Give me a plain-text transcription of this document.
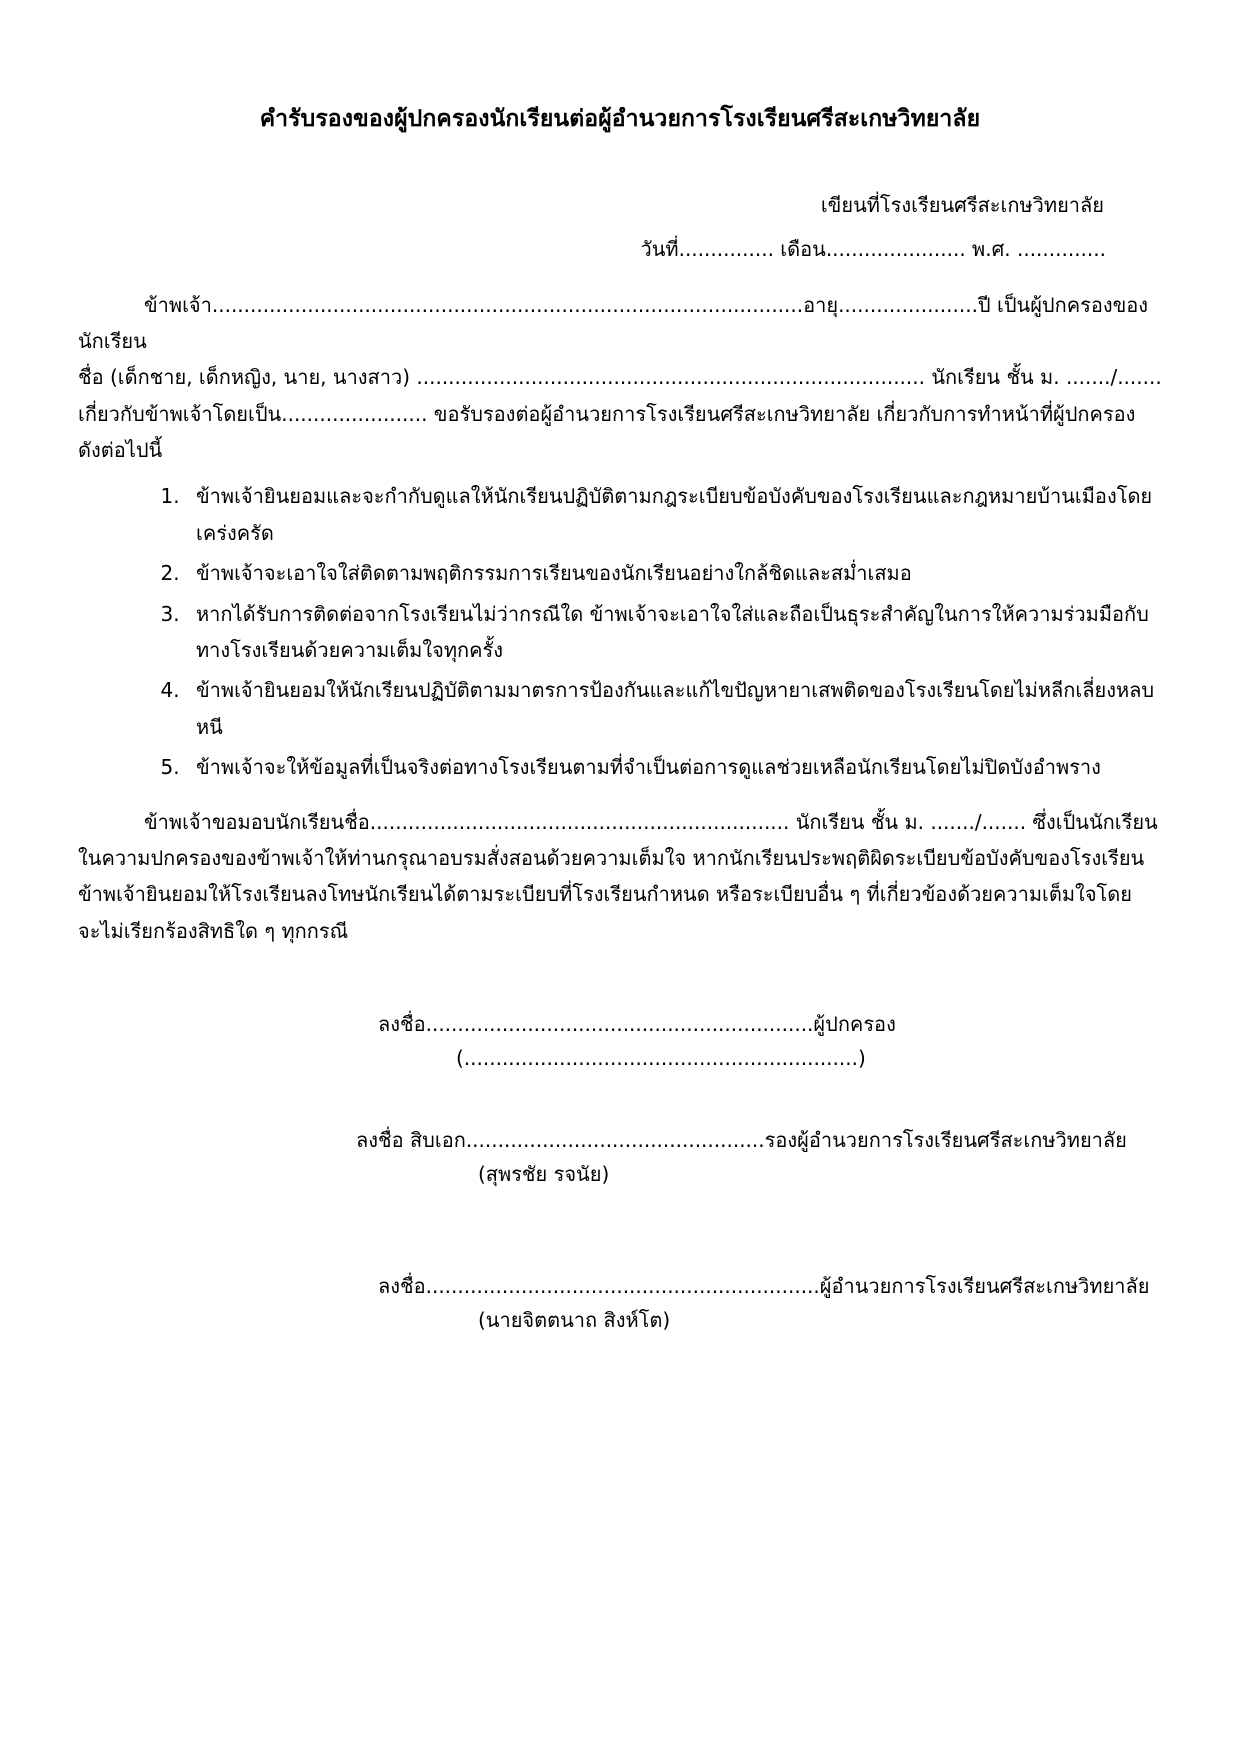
คำรับรองของผู้ปกครองนักเรียนต่อผู้อำนวยการโรงเรียนศรีสะเกษวิทยาลัย
เขียนที่โรงเรียนศรีสะเกษวิทยาลัย
วันที่............... เดือน...................... พ.ศ. ..............

ข้าพเจ้า.............................................................................................อายุ......................ปี เป็นผู้ปกครองของนักเรียน

ชื่อ (เด็กชาย, เด็กหญิง, นาย, นางสาว) ................................................................................ นักเรียน ชั้น ม. ......./.......

เกี่ยวกับข้าพเจ้าโดยเป็น....................... ขอรับรองต่อผู้อำนวยการโรงเรียนศรีสะเกษวิทยาลัย เกี่ยวกับการทำหน้าที่ผู้ปกครอง

ดังต่อไปนี้

1. ข้าพเจ้ายินยอมและจะกำกับดูแลให้นักเรียนปฏิบัติตามกฎระเบียบข้อบังคับของโรงเรียนและกฎหมายบ้านเมืองโดยเคร่งครัด
2. ข้าพเจ้าจะเอาใจใส่ติดตามพฤติกรรมการเรียนของนักเรียนอย่างใกล้ชิดและสม่ำเสมอ
3. หากได้รับการติดต่อจากโรงเรียนไม่ว่ากรณีใด ข้าพเจ้าจะเอาใจใส่และถือเป็นธุระสำคัญในการให้ความร่วมมือกับทางโรงเรียนด้วยความเต็มใจทุกครั้ง
4. ข้าพเจ้ายินยอมให้นักเรียนปฏิบัติตามมาตรการป้องกันและแก้ไขปัญหายาเสพติดของโรงเรียนโดยไม่หลีกเลี่ยงหลบหนี
5. ข้าพเจ้าจะให้ข้อมูลที่เป็นจริงต่อทางโรงเรียนตามที่จำเป็นต่อการดูแลช่วยเหลือนักเรียนโดยไม่ปิดบังอำพราง

ข้าพเจ้าขอมอบนักเรียนชื่อ.................................................................. นักเรียน ชั้น ม. ......./....... ซึ่งเป็นนักเรียน

ในความปกครองของข้าพเจ้าให้ท่านกรุณาอบรมสั่งสอนด้วยความเต็มใจ หากนักเรียนประพฤติผิดระเบียบข้อบังคับของโรงเรียน

ข้าพเจ้ายินยอมให้โรงเรียนลงโทษนักเรียนได้ตามระเบียบที่โรงเรียนกำหนด หรือระเบียบอื่น ๆ ที่เกี่ยวข้องด้วยความเต็มใจโดย

จะไม่เรียกร้องสิทธิใด ๆ ทุกกรณี

ลงชื่อ.............................................................ผู้ปกครอง
(..............................................................)
ลงชื่อ สิบเอก...............................................รองผู้อำนวยการโรงเรียนศรีสะเกษวิทยาลัย
(สุพรชัย รจนัย)
ลงชื่อ..............................................................ผู้อำนวยการโรงเรียนศรีสะเกษวิทยาลัย
(นายจิตตนาถ สิงห์โต)
